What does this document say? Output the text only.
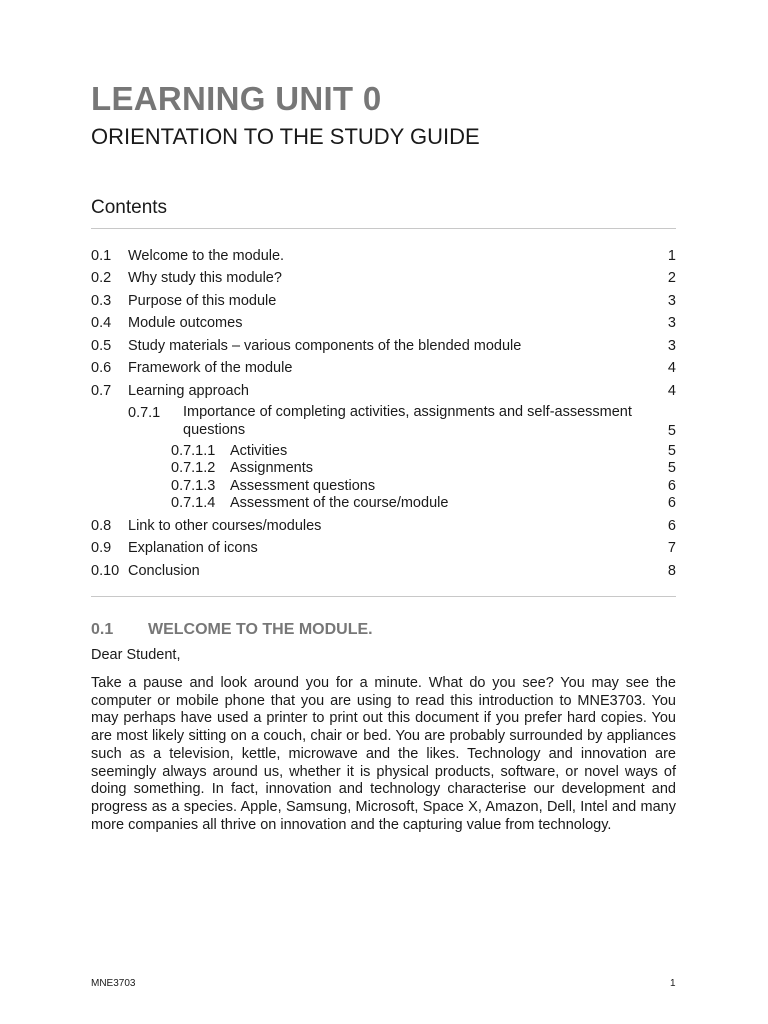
LEARNING UNIT 0
ORIENTATION TO THE STUDY GUIDE
Contents
0.1 Welcome to the module.	1
0.2 Why study this module?	2
0.3 Purpose of this module	3
0.4 Module outcomes	3
0.5 Study materials – various components of the blended module	3
0.6 Framework of the module	4
0.7 Learning approach	4
0.7.1 Importance of completing activities, assignments and self-assessment questions	5
0.7.1.1 Activities	5
0.7.1.2 Assignments	5
0.7.1.3 Assessment questions	6
0.7.1.4 Assessment of the course/module	6
0.8 Link to other courses/modules	6
0.9 Explanation of icons	7
0.10 Conclusion	8
0.1 WELCOME TO THE MODULE.

Dear Student,

Take a pause and look around you for a minute. What do you see? You may see the computer or mobile phone that you are using to read this introduction to MNE3703. You may perhaps have used a printer to print out this document if you prefer hard copies. You are most likely sitting on a couch, chair or bed. You are probably surrounded by appliances such as a television, kettle, microwave and the likes. Technology and innovation are seemingly always around us, whether it is physical products, software, or novel ways of doing something. In fact, innovation and technology characterise our development and progress as a species. Apple, Samsung, Microsoft, Space X, Amazon, Dell, Intel and many more companies all thrive on innovation and the capturing value from technology.

MNE3703	1
